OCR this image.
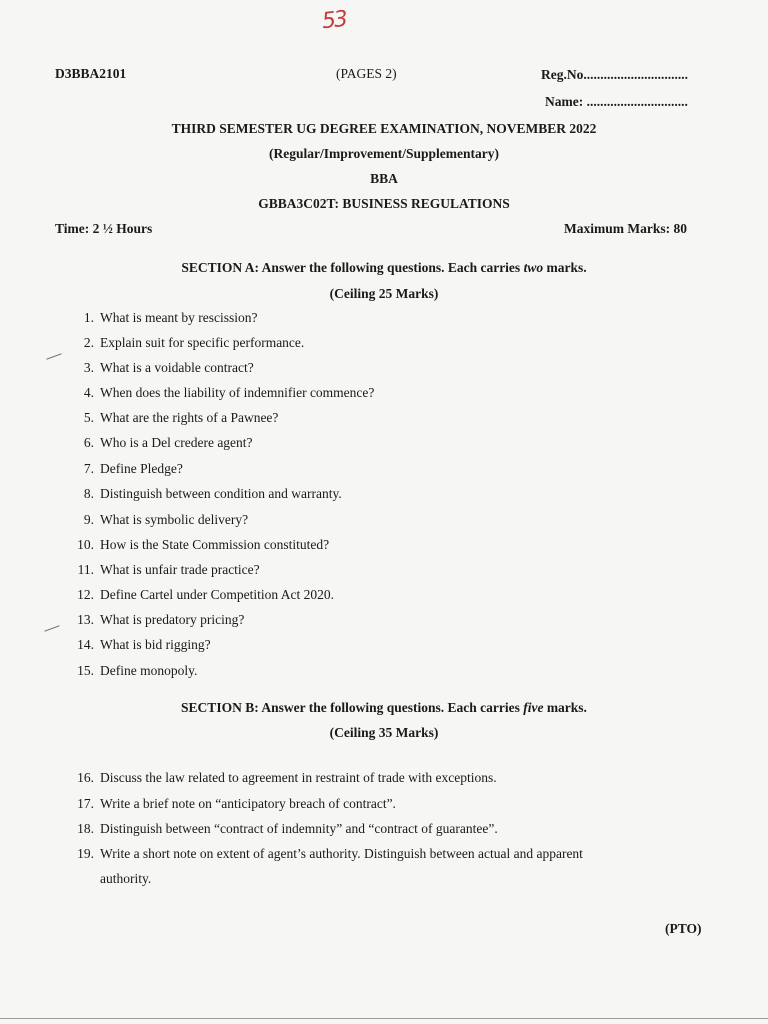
53
D3BBA2101	(PAGES 2)	Reg.No...............................
Name: ..............................
THIRD SEMESTER UG DEGREE EXAMINATION, NOVEMBER 2022
(Regular/Improvement/Supplementary)
BBA
GBBA3C02T: BUSINESS REGULATIONS
Time: 2 ½ Hours	Maximum Marks: 80
SECTION A: Answer the following questions. Each carries two marks.
(Ceiling 25 Marks)
1. What is meant by rescission?
2. Explain suit for specific performance.
3. What is a voidable contract?
4. When does the liability of indemnifier commence?
5. What are the rights of a Pawnee?
6. Who is a Del credere agent?
7. Define Pledge?
8. Distinguish between condition and warranty.
9. What is symbolic delivery?
10. How is the State Commission constituted?
11. What is unfair trade practice?
12. Define Cartel under Competition Act 2020.
13. What is predatory pricing?
14. What is bid rigging?
15. Define monopoly.
SECTION B: Answer the following questions. Each carries five marks.
(Ceiling 35 Marks)
16. Discuss the law related to agreement in restraint of trade with exceptions.
17. Write a brief note on “anticipatory breach of contract”.
18. Distinguish between “contract of indemnity” and “contract of guarantee”.
19. Write a short note on extent of agent’s authority. Distinguish between actual and apparent
authority.
(PTO)
